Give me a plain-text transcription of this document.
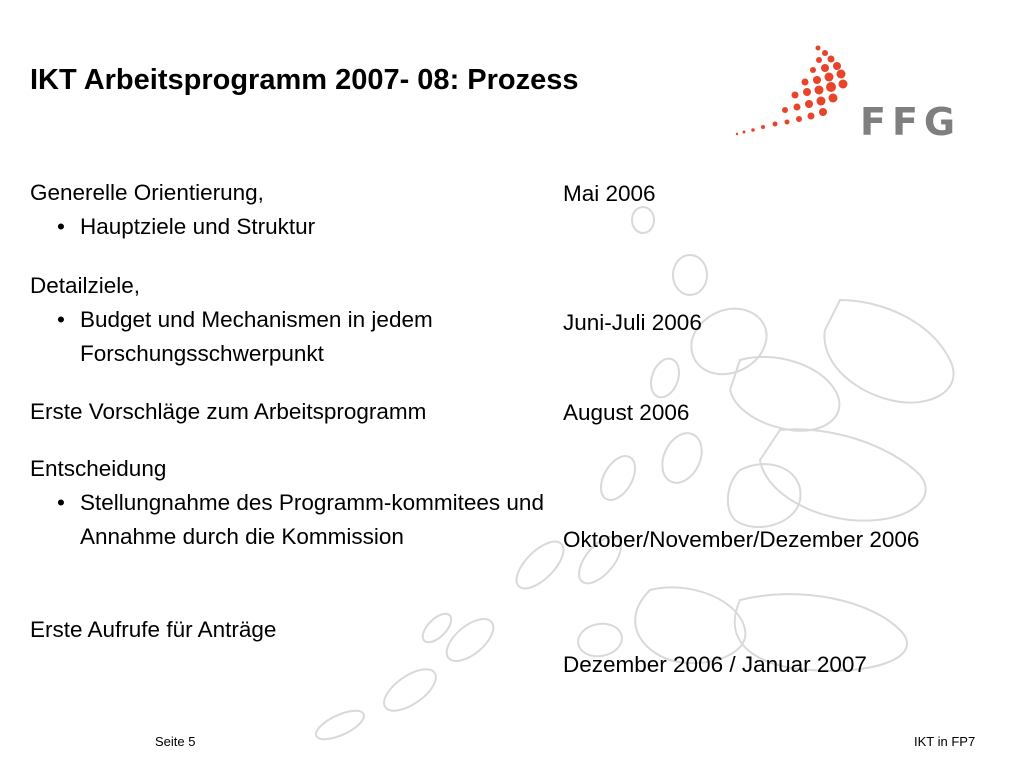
IKT Arbeitsprogramm 2007- 08: Prozess
FFG
Generelle Orientierung,
• Hauptziele und Struktur
Detailziele,
• Budget und Mechanismen in jedem Forschungsschwerpunkt
Erste Vorschläge zum Arbeitsprogramm
Entscheidung
• Stellungnahme des Programm-kommitees und Annahme durch die Kommission
Erste Aufrufe für Anträge
Mai 2006
Juni-Juli 2006
August 2006
Oktober/November/Dezember 2006
Dezember 2006 / Januar 2007
Seite 5	IKT in FP7
